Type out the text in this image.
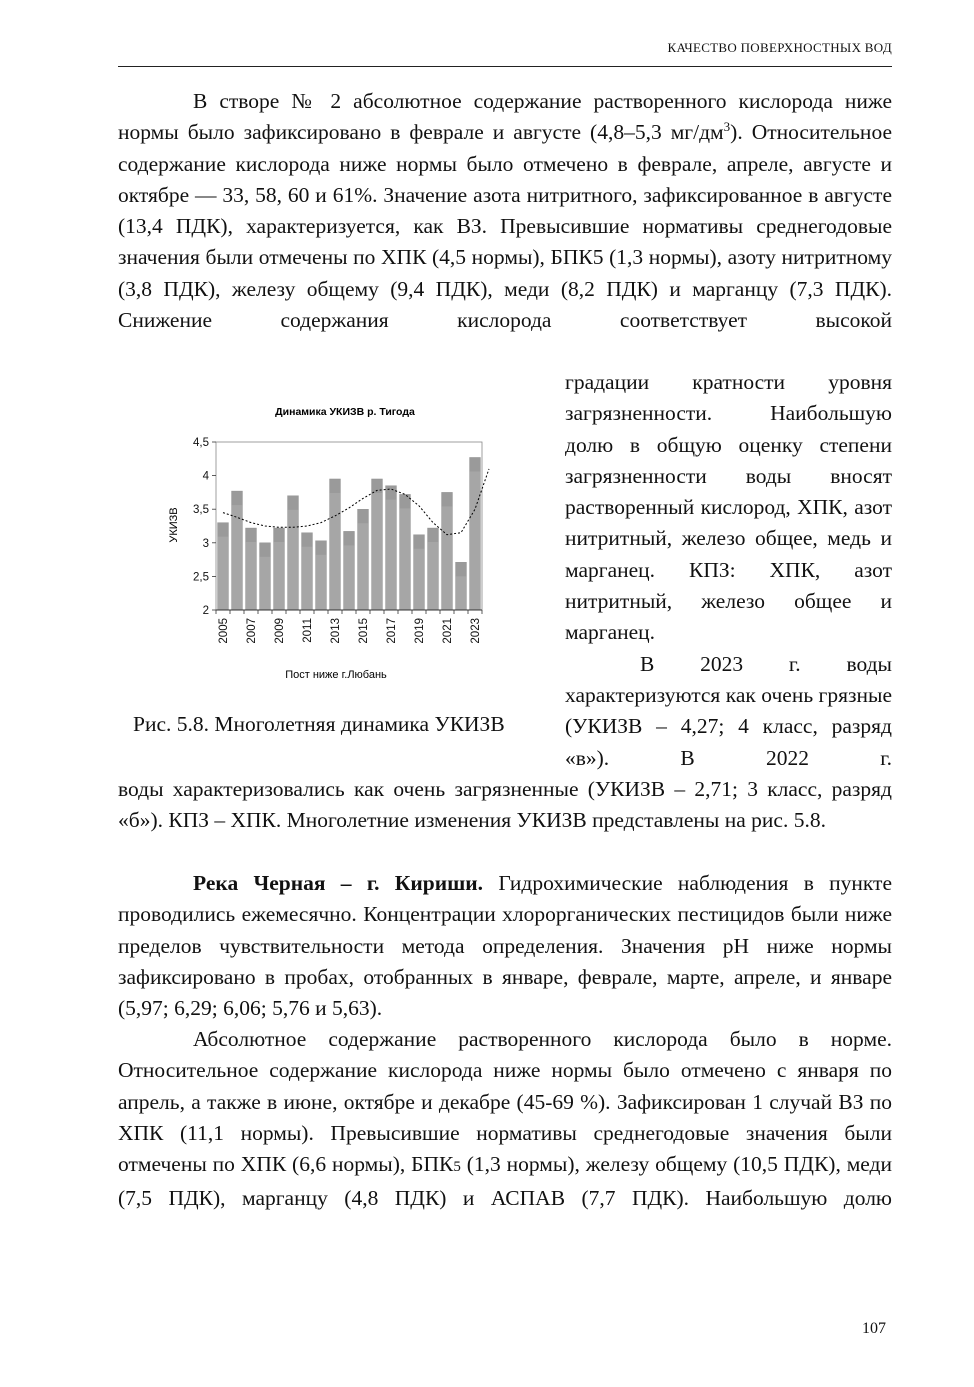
КАЧЕСТВО ПОВЕРХНОСТНЫХ ВОД

В створе № 2 абсолютное содержание растворенного кислорода ниже нормы было зафиксировано в феврале и августе (4,8–5,3 $мг/дм^3$). Относительное содержание кислорода ниже нормы было отмечено в феврале, апреле, августе и октябре — 33, 58, 60 и 61%. Значение азота нитритного, зафиксированное в августе (13,4 ПДК), характеризуется, как ВЗ. Превысившие нормативы среднегодовые значения были отмечены по ХПК (4,5 нормы), БПК5 (1,3 нормы), азоту нитритному (3,8 ПДК), железу общему (9,4 ПДК), меди (8,2 ПДК) и марганцу (7,3 ПДК). Снижение содержания кислорода соответствует высокой

градации кратности уровня загрязненности. Наибольшую долю в общую оценку степени загрязненности воды вносят растворенный кислород, ХПК, азот нитритный, железо общее, медь и марганец. КПЗ: ХПК, азот нитритный, железо общее и марганец.
В 2023 г. воды характеризуются как очень грязные (УКИЗВ – 4,27; 4 класс, разряд «в»). В 2022 г.

Динамика УКИЗВ р. Тигода
УКИЗВ
Пост ниже г.Любань
2
2,5
3
3,5
4
4,5
2005 2007 2009 2011 2013 2015 2017 2019 2021 2023
Рис. 5.8. Многолетняя динамика УКИЗВ

воды характеризовались как очень загрязненные (УКИЗВ – 2,71; 3 класс, разряд «б»). КПЗ – ХПК. Многолетние изменения УКИЗВ представлены на рис. 5.8.

Река Черная – г. Кириши. Гидрохимические наблюдения в пункте проводились ежемесячно. Концентрации хлорорганических пестицидов были ниже пределов чувствительности метода определения. Значения рН ниже нормы зафиксировано в пробах, отобранных в январе, феврале, марте, апреле, и январе (5,97; 6,29; 6,06; 5,76 и 5,63).

Абсолютное содержание растворенного кислорода было в норме. Относительное содержание кислорода ниже нормы было отмечено с января по апрель, а также в июне, октябре и декабре (45-69 %). Зафиксирован 1 случай ВЗ по ХПК (11,1 нормы). Превысившие нормативы среднегодовые значения были отмечены по ХПК (6,6 нормы), БПК5 (1,3 нормы), железу общему (10,5 ПДК), меди (7,5 ПДК), марганцу (4,8 ПДК) и АСПАВ (7,7 ПДК). Наибольшую долю

107
